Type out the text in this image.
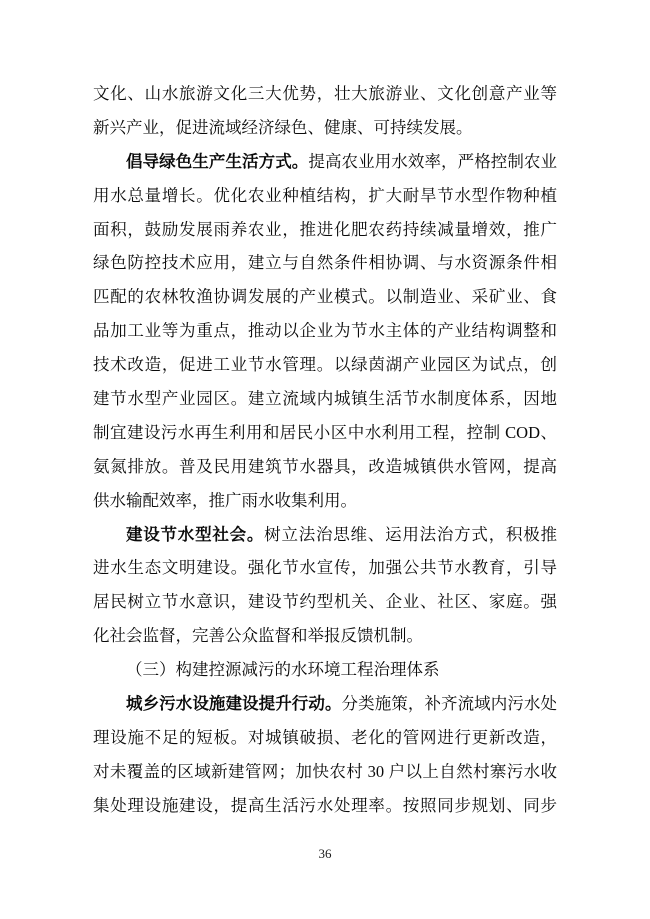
文化、山水旅游文化三大优势，壮大旅游业、文化创意产业等
新兴产业，促进流域经济绿色、健康、可持续发展。
倡导绿色生产生活方式。提高农业用水效率，严格控制农业
用水总量增长。优化农业种植结构，扩大耐旱节水型作物种植
面积，鼓励发展雨养农业，推进化肥农药持续减量增效，推广
绿色防控技术应用，建立与自然条件相协调、与水资源条件相
匹配的农林牧渔协调发展的产业模式。以制造业、采矿业、食
品加工业等为重点，推动以企业为节水主体的产业结构调整和
技术改造，促进工业节水管理。以绿茵湖产业园区为试点，创
建节水型产业园区。建立流域内城镇生活节水制度体系，因地
制宜建设污水再生利用和居民小区中水利用工程，控制 COD、
氨氮排放。普及民用建筑节水器具，改造城镇供水管网，提高
供水输配效率，推广雨水收集利用。
建设节水型社会。树立法治思维、运用法治方式，积极推
进水生态文明建设。强化节水宣传，加强公共节水教育，引导
居民树立节水意识，建设节约型机关、企业、社区、家庭。强
化社会监督，完善公众监督和举报反馈机制。
（三）构建控源减污的水环境工程治理体系
城乡污水设施建设提升行动。分类施策，补齐流域内污水处
理设施不足的短板。对城镇破损、老化的管网进行更新改造，
对未覆盖的区域新建管网；加快农村 30 户以上自然村寨污水收
集处理设施建设，提高生活污水处理率。按照同步规划、同步
36
